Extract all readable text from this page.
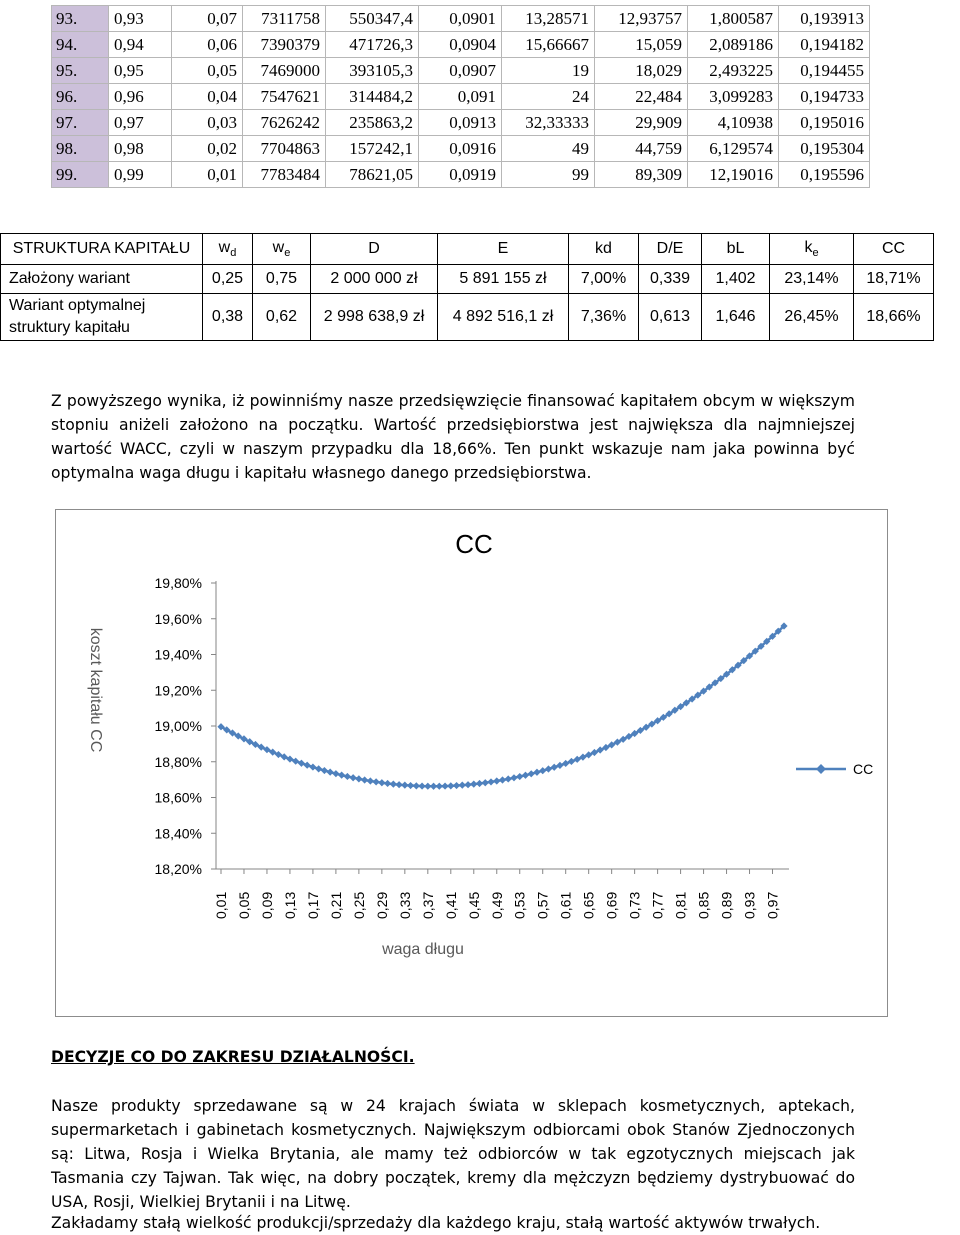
93.	0,93	0,07	7311758	550347,4	0,0901	13,28571	12,93757	1,800587	0,193913
94.	0,94	0,06	7390379	471726,3	0,0904	15,66667	15,059	2,089186	0,194182
95.	0,95	0,05	7469000	393105,3	0,0907	19	18,029	2,493225	0,194455
96.	0,96	0,04	7547621	314484,2	0,091	24	22,484	3,099283	0,194733
97.	0,97	0,03	7626242	235863,2	0,0913	32,33333	29,909	4,10938	0,195016
98.	0,98	0,02	7704863	157242,1	0,0916	49	44,759	6,129574	0,195304
99.	0,99	0,01	7783484	78621,05	0,0919	99	89,309	12,19016	0,195596
STRUKTURA KAPITAŁU	$w_d$	$w_e$	D	E	kd	D/E	bL	$k_e$	CC
Założony wariant	0,25	0,75	2 000 000 zł	5 891 155 zł	7,00%	0,339	1,402	23,14%	18,71%
Wariant optymalnej struktury kapitału	0,38	0,62	2 998 638,9 zł	4 892 516,1 zł	7,36%	0,613	1,646	26,45%	18,66%

Z powyższego wynika, iż powinniśmy nasze przedsięwzięcie finansować kapitałem obcym w większym stopniu aniżeli założono na początku. Wartość przedsiębiorstwa jest największa dla najmniejszej wartość WACC, czyli w naszym przypadku dla 18,66%. Ten punkt wskazuje nam jaka powinna być optymalna waga długu i kapitału własnego danego przedsiębiorstwa.

CC
koszt kapitału CC
18,20%
18,40%
18,60%
18,80%
19,00%
19,20%
19,40%
19,60%
19,80%
0,01 0,05 0,09 0,13 0,17 0,21 0,25 0,29 0,33 0,37 0,41 0,45 0,49 0,53 0,57 0,61 0,65 0,69 0,73 0,77 0,81 0,85 0,89 0,93 0,97
waga długu
CC

DECYZJE CO DO ZAKRESU DZIAŁALNOŚCI.

Nasze produkty sprzedawane są w 24 krajach świata w sklepach kosmetycznych, aptekach, supermarketach i gabinetach kosmetycznych. Największym odbiorcami obok Stanów Zjednoczonych są: Litwa, Rosja i Wielka Brytania, ale mamy też odbiorców w tak egzotycznych miejscach jak Tasmania czy Tajwan. Tak więc, na dobry początek, kremy dla mężczyzn będziemy dystrybuować do USA, Rosji, Wielkiej Brytanii i na Litwę.

Zakładamy stałą wielkość produkcji/sprzedaży dla każdego kraju, stałą wartość aktywów trwałych.
